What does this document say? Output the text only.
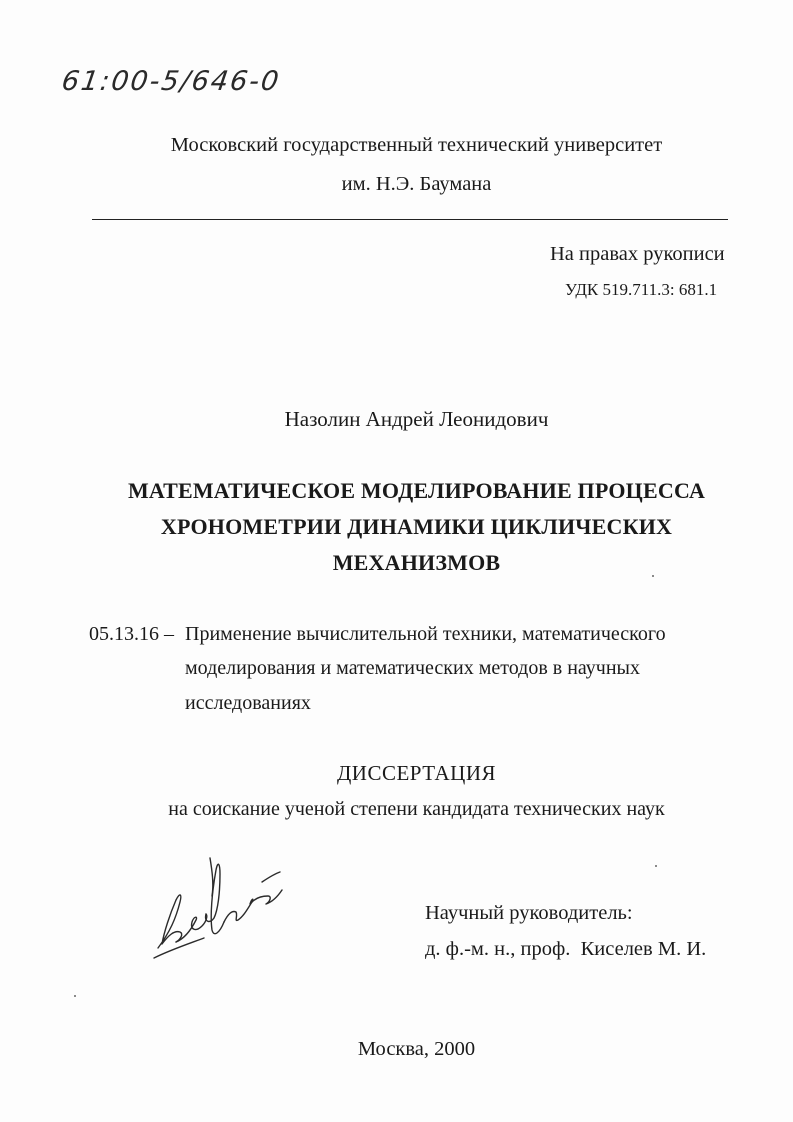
61:00-5/646-0
Московский государственный технический университет
им. Н.Э. Баумана
На правах рукописи
УДК 519.711.3: 681.1
Назолин Андрей Леонидович
МАТЕМАТИЧЕСКОЕ МОДЕЛИРОВАНИЕ ПРОЦЕССА
ХРОНОМЕТРИИ ДИНАМИКИ ЦИКЛИЧЕСКИХ
МЕХАНИЗМОВ
05.13.16 – Применение вычислительной техники, математического
моделирования и математических методов в научных
исследованиях
ДИССЕРТАЦИЯ
на соискание ученой степени кандидата технических наук
Научный руководитель:
д. ф.-м. н., проф.  Киселев М. И.
Москва, 2000
